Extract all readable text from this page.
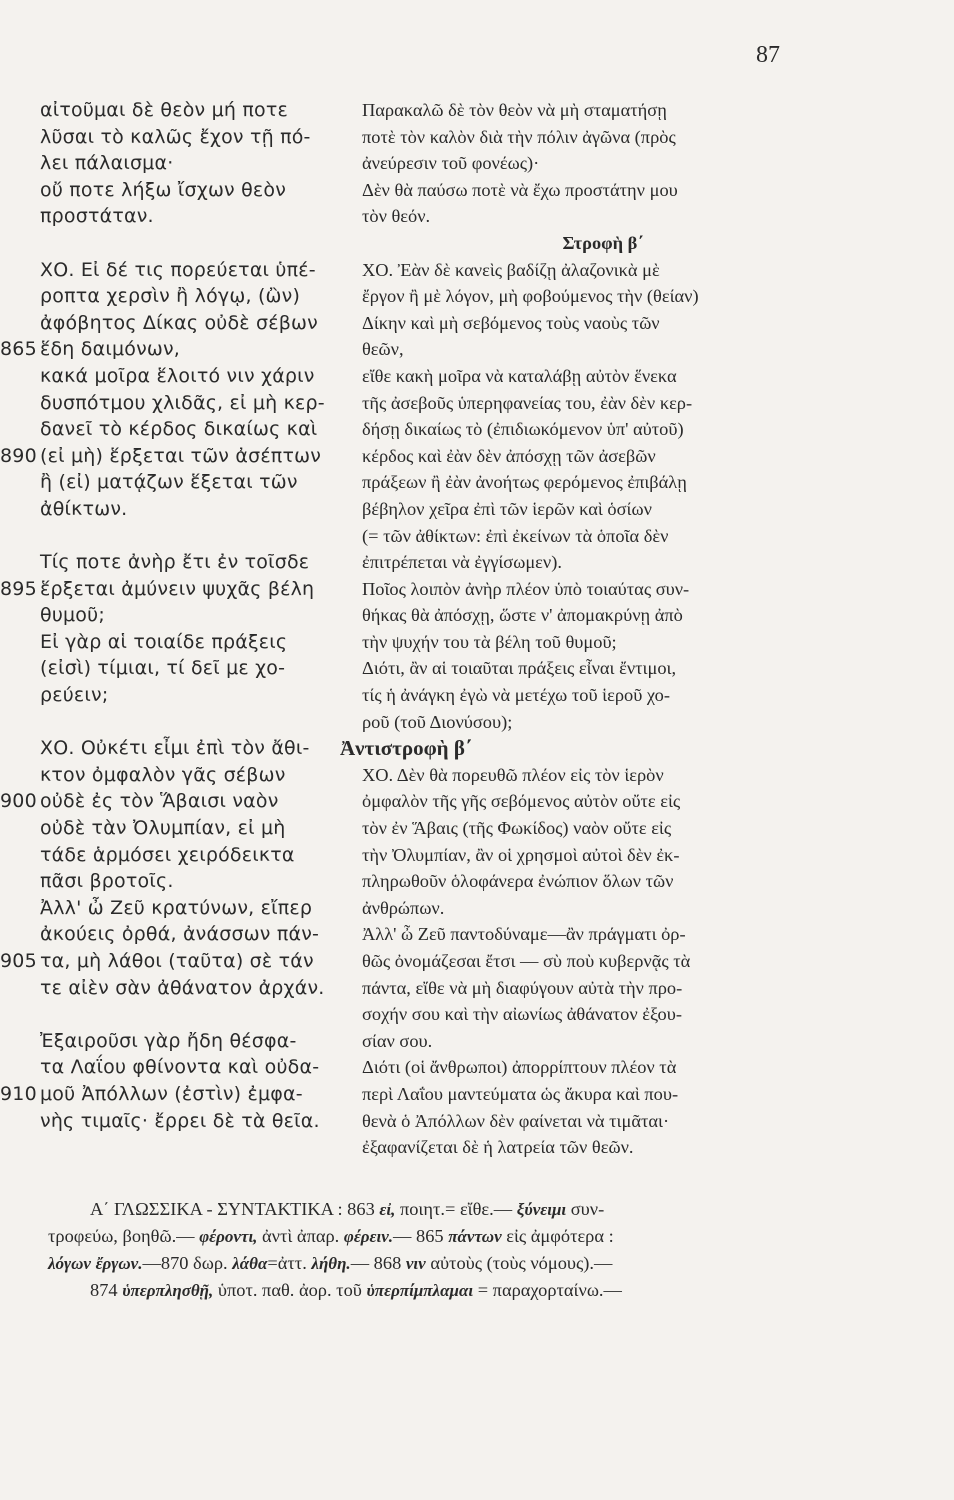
87

αἰτοῦμαι δὲ θεὸν μή ποτε

λῦσαι τὸ καλῶς ἔχον τῇ πό-

λει πάλαισμα·

οὔ ποτε λήξω ἴσχων θεὸν

προστάταν.

ΧΟ. Εἰ δέ τις πορεύεται ὑπέ-

ροπτα χερσὶν ἢ λόγῳ, (ὢν)

ἀφόβητος Δίκας οὐδὲ σέβων

865 ἕδη δαιμόνων,

κακά μοῖρα ἕλοιτό νιν χάριν

δυσπότμου χλιδᾶς, εἰ μὴ κερ-

δανεῖ τὸ κέρδος δικαίως καὶ

890 (εἰ μὴ) ἕρξεται τῶν ἀσέπτων

ἢ (εἰ) ματᾴζων ἕξεται τῶν

ἀθίκτων.

Τίς ποτε ἀνὴρ ἔτι ἐν τοῖσδε

895 ἕρξεται ἀμύνειν ψυχᾶς βέλη

θυμοῦ;

Εἰ γὰρ αἱ τοιαίδε πράξεις

(εἰσὶ) τίμιαι, τί δεῖ με χο-

ρεύειν;

ΧΟ. Οὐκέτι εἶμι ἐπὶ τὸν ἄθι-

κτον ὀμφαλὸν γᾶς σέβων

900 οὐδὲ ἐς τὸν Ἅβαισι ναὸν

οὐδὲ τὰν Ὀλυμπίαν, εἰ μὴ

τάδε ἁρμόσει χειρόδεικτα

πᾶσι βροτοῖς.

Ἀλλ' ὦ Ζεῦ κρατύνων, εἴπερ

ἀκούεις ὀρθά, ἀνάσσων πάν-

905 τα, μὴ λάθοι (ταῦτα) σὲ τάν

τε αἰὲν σὰν ἀθάνατον ἀρχάν.

Ἐξαιροῦσι γὰρ ἤδη θέσφα-

τα Λαΐου φθίνοντα καὶ οὐδα-

910 μοῦ Ἀπόλλων (ἐστὶν) ἐμφα-

νὴς τιμαῖς· ἔρρει δὲ τὰ θεῖα.

Παρακαλῶ δὲ τὸν θεὸν νὰ μὴ σταματήσῃ

ποτὲ τὸν καλὸν διὰ τὴν πόλιν ἀγῶνα (πρὸς

ἀνεύρεσιν τοῦ φονέως)·

Δὲν θὰ παύσω ποτὲ νὰ ἔχω προστάτην μου

τὸν θεόν.

Στροφὴ β΄

ΧΟ. Ἐὰν δὲ κανεὶς βαδίζῃ ἀλαζονικὰ μὲ

ἔργον ἢ μὲ λόγον, μὴ φοβούμενος τὴν (θείαν)

Δίκην καὶ μὴ σεβόμενος τοὺς ναοὺς τῶν

θεῶν,

εἴθε κακὴ μοῖρα νὰ καταλάβῃ αὐτὸν ἕνεκα

τῆς ἀσεβοῦς ὑπερηφανείας του, ἐὰν δὲν κερ-

δήσῃ δικαίως τὸ (ἐπιδιωκόμενον ὑπ' αὐτοῦ)

κέρδος καὶ ἐὰν δὲν ἀπόσχῃ τῶν ἀσεβῶν

πράξεων ἢ ἐὰν ἀνοήτως φερόμενος ἐπιβάλῃ

βέβηλον χεῖρα ἐπὶ τῶν ἱερῶν καὶ ὁσίων

(= τῶν ἀθίκτων: ἐπὶ ἐκείνων τὰ ὁποῖα δὲν

ἐπιτρέπεται νὰ ἐγγίσωμεν).

Ποῖος λοιπὸν ἀνὴρ πλέον ὑπὸ τοιαύτας συν-

θήκας θὰ ἀπόσχῃ, ὥστε ν' ἀπομακρύνῃ ἀπὸ

τὴν ψυχήν του τὰ βέλη τοῦ θυμοῦ;

Διότι, ἂν αἱ τοιαῦται πράξεις εἶναι ἔντιμοι,

τίς ἡ ἀνάγκη ἐγὼ νὰ μετέχω τοῦ ἱεροῦ χο-

ροῦ (τοῦ Διονύσου);

Ἀντιστροφὴ β΄

ΧΟ. Δὲν θὰ πορευθῶ πλέον εἰς τὸν ἱερὸν

ὀμφαλὸν τῆς γῆς σεβόμενος αὐτὸν οὔτε εἰς

τὸν ἐν Ἅβαις (τῆς Φωκίδος) ναὸν οὔτε εἰς

τὴν Ὀλυμπίαν, ἂν οἱ χρησμοὶ αὐτοὶ δὲν ἐκ-

πληρωθοῦν ὁλοφάνερα ἐνώπιον ὅλων τῶν

ἀνθρώπων.

Ἀλλ' ὦ Ζεῦ παντοδύναμε—ἂν πράγματι ὀρ-

θῶς ὀνομάζεσαι ἔτσι — σὺ ποὺ κυβερνᾷς τὰ

πάντα, εἴθε νὰ μὴ διαφύγουν αὐτὰ τὴν προ-

σοχήν σου καὶ τὴν αἰωνίως ἀθάνατον ἐξου-

σίαν σου.

Διότι (οἱ ἄνθρωποι) ἀπορρίπτουν πλέον τὰ

περὶ Λαΐου μαντεύματα ὡς ἄκυρα καὶ που-

θενὰ ὁ Ἀπόλλων δὲν φαίνεται νὰ τιμᾶται·

ἐξαφανίζεται δὲ ἡ λατρεία τῶν θεῶν.

Α΄ ΓΛΩΣΣΙΚΑ - ΣΥΝΤΑΚΤΙΚΑ : 863 εἰ, ποιητ.= εἴθε.— ξύνειμι συν-

τροφεύω, βοηθῶ.— φέροντι, ἀντὶ ἀπαρ. φέρειν.— 865 πάντων εἰς ἀμφότερα :

λόγων ἔργων.—870 δωρ. λάθα=ἀττ. λήθη.— 868 νιν αὐτοὺς (τοὺς νόμους).—

874 ὑπερπλησθῇ, ὑποτ. παθ. ἀορ. τοῦ ὑπερπίμπλαμαι = παραχορταίνω.—
